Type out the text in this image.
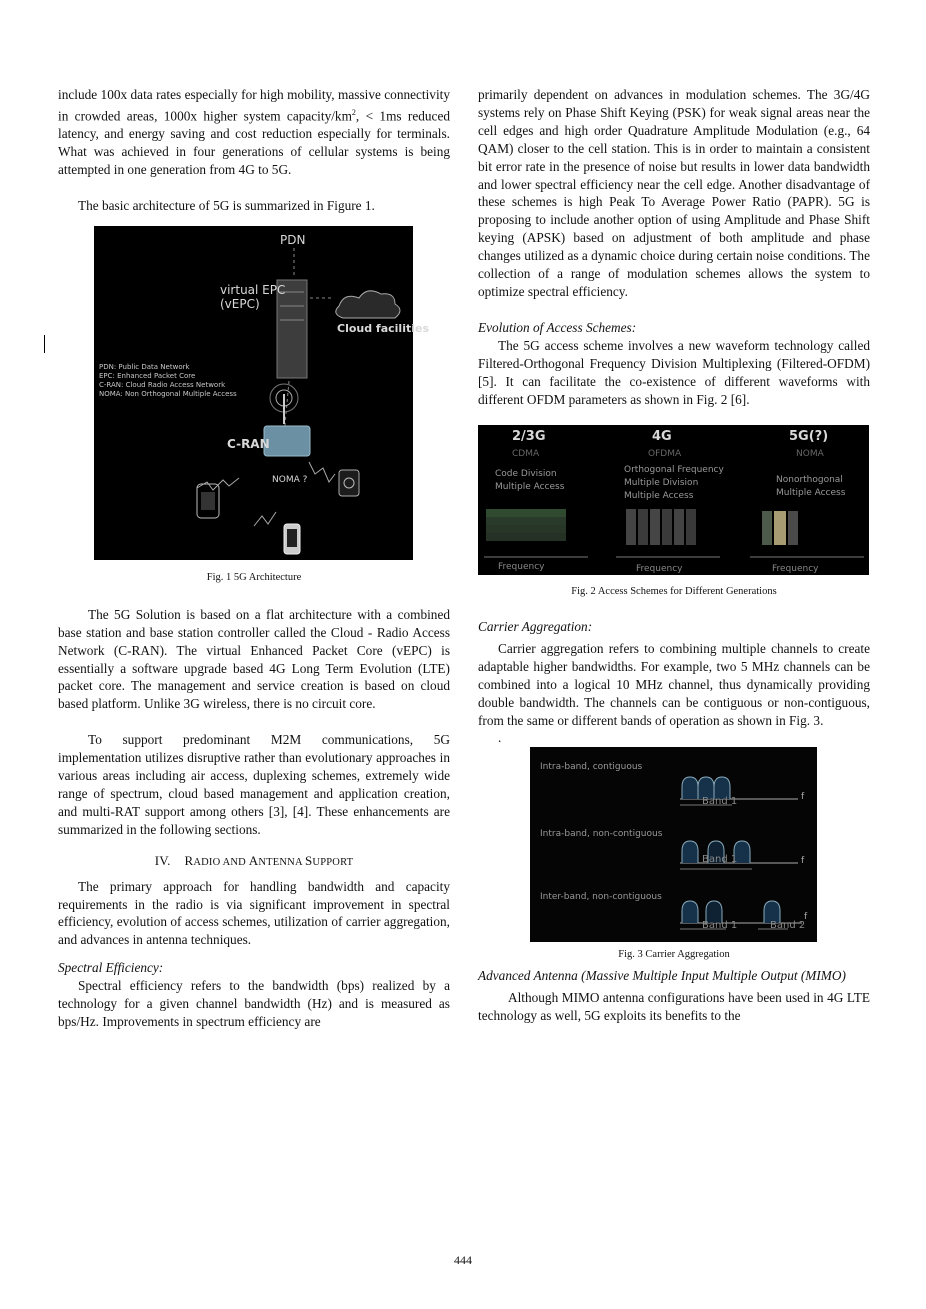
include 100x data rates especially for high mobility, massive connectivity in crowded areas, 1000x higher system capacity/$km^2$, < 1ms reduced latency, and energy saving and cost reduction especially for terminals. What was achieved in four generations of cellular systems is being attempted in one generation from 4G to 5G.

The basic architecture of 5G is summarized in Figure 1.

PDN
virtual EPC
(vEPC)
Cloud facilities
PDN: Public Data Network
EPC: Enhanced Packet Core
C-RAN: Cloud Radio Access Network
NOMA: Non Orthogonal Multiple Access
C-RAN
NOMA ?
Fig. 1 5G Architecture

The 5G Solution is based on a flat architecture with a combined base station and base station controller called the Cloud - Radio Access Network (C-RAN). The virtual Enhanced Packet Core (vEPC) is essentially a software upgrade based 4G Long Term Evolution (LTE) packet core. The management and service creation is based on cloud based platform. Unlike 3G wireless, there is no circuit core.

To support predominant M2M communications, 5G implementation utilizes disruptive rather than evolutionary approaches in various areas including air access, duplexing schemes, extremely wide range of spectrum, cloud based management and application creation, and multi-RAT support among others [3], [4]. These enhancements are summarized in the following sections.

IV. RADIO AND ANTENNA SUPPORT

The primary approach for handling bandwidth and capacity requirements in the radio is via significant improvement in spectral efficiency, evolution of access schemes, utilization of carrier aggregation, and advances in antenna techniques.

Spectral Efficiency:

Spectral efficiency refers to the bandwidth (bps) realized by a technology for a given channel bandwidth (Hz) and is measured as bps/Hz. Improvements in spectrum efficiency are

primarily dependent on advances in modulation schemes. The 3G/4G systems rely on Phase Shift Keying (PSK) for weak signal areas near the cell edges and high order Quadrature Amplitude Modulation (e.g., 64 QAM) closer to the cell station. This is in order to maintain a consistent bit error rate in the presence of noise but results in lower data bandwidth and lower spectral efficiency near the cell edge. Another disadvantage of these schemes is high Peak To Average Power Ratio (PAPR). 5G is proposing to include another option of using Amplitude and Phase Shift keying (APSK) based on adjustment of both amplitude and phase changes utilized as a dynamic choice during certain noise conditions. The collection of a range of modulation schemes allows the system to optimize spectral efficiency.

Evolution of Access Schemes:

The 5G access scheme involves a new waveform technology called Filtered-Orthogonal Frequency Division Multiplexing (Filtered-OFDM) [5]. It can facilitate the co-existence of different waveforms with different OFDM parameters as shown in Fig. 2 [6].

2/3G
CDMA
Code Division
Multiple Access
4G
OFDMA
Orthogonal Frequency
Multiple Division
Multiple Access
5G(?)
NOMA
Nonorthogonal
Multiple Access
Frequency	Frequency	Frequency
Fig. 2 Access Schemes for Different Generations

Carrier Aggregation:

Carrier aggregation refers to combining multiple channels to create adaptable higher bandwidths. For example, two 5 MHz channels can be combined into a logical 10 MHz channel, thus dynamically providing double bandwidth. The channels can be contiguous or non-contiguous, from the same or different bands of operation as shown in Fig. 3.

.

Intra-band, contiguous
f
Band 1
Intra-band, non-contiguous
f
Band 1
Inter-band, non-contiguous
f
Band 1	Band 2
Fig. 3 Carrier Aggregation

Advanced Antenna (Massive Multiple Input Multiple Output (MIMO)

Although MIMO antenna configurations have been used in 4G LTE technology as well, 5G exploits its benefits to the

444
